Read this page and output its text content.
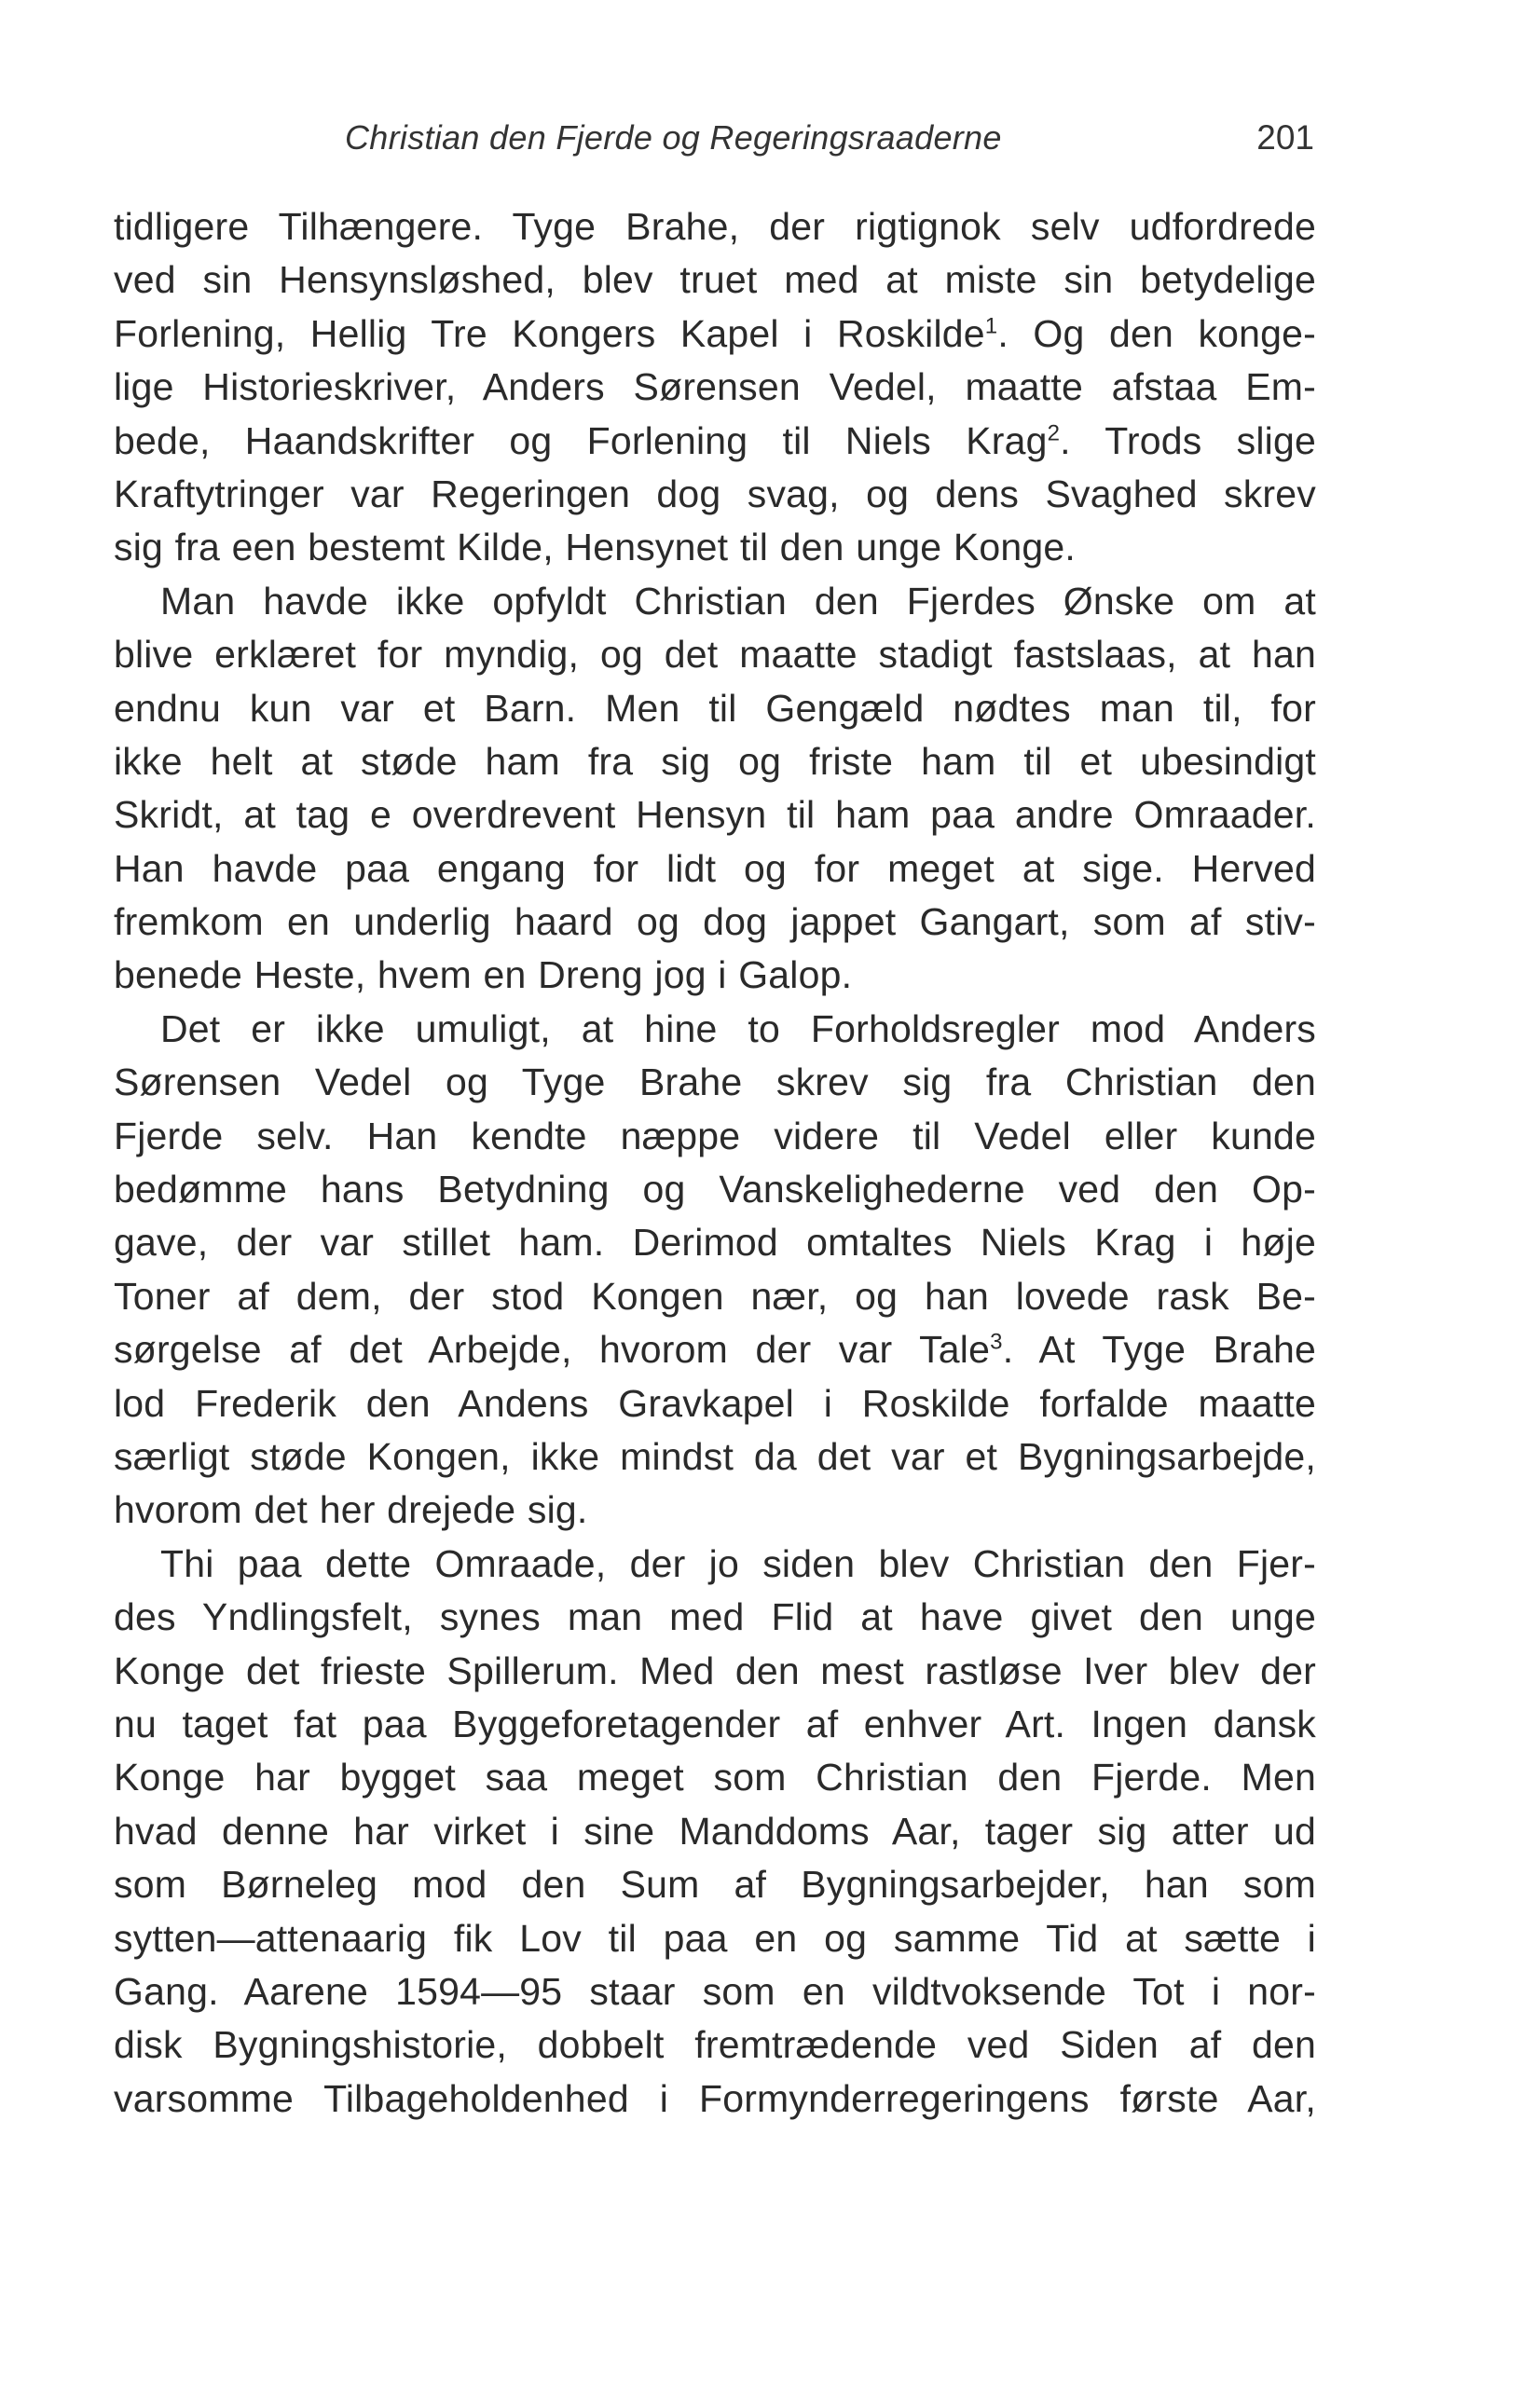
Christian den Fjerde og Regeringsraaderne	201
tidligere Tilhængere. Tyge Brahe, der rigtignok selv udfordrede
ved sin Hensynsløshed, blev truet med at miste sin betydelige
Forlening, Hellig Tre Kongers Kapel i Roskilde$^1$. Og den konge-
lige Historieskriver, Anders Sørensen Vedel, maatte afstaa Em-
bede, Haandskrifter og Forlening til Niels Krag$^2$. Trods slige
Kraftytringer var Regeringen dog svag, og dens Svaghed skrev
sig fra een bestemt Kilde, Hensynet til den unge Konge.
Man havde ikke opfyldt Christian den Fjerdes Ønske om at
blive erklæret for myndig, og det maatte stadigt fastslaas, at han
endnu kun var et Barn. Men til Gengæld nødtes man til, for
ikke helt at støde ham fra sig og friste ham til et ubesindigt
Skridt, at tag e overdrevent Hensyn til ham paa andre Omraader.
Han havde paa engang for lidt og for meget at sige. Herved
fremkom en underlig haard og dog jappet Gangart, som af stiv-
benede Heste, hvem en Dreng jog i Galop.
Det er ikke umuligt, at hine to Forholdsregler mod Anders
Sørensen Vedel og Tyge Brahe skrev sig fra Christian den
Fjerde selv. Han kendte næppe videre til Vedel eller kunde
bedømme hans Betydning og Vanskelighederne ved den Op-
gave, der var stillet ham. Derimod omtaltes Niels Krag i høje
Toner af dem, der stod Kongen nær, og han lovede rask Be-
sørgelse af det Arbejde, hvorom der var Tale$^3$. At Tyge Brahe
lod Frederik den Andens Gravkapel i Roskilde forfalde maatte
særligt støde Kongen, ikke mindst da det var et Bygningsarbejde,
hvorom det her drejede sig.
Thi paa dette Omraade, der jo siden blev Christian den Fjer-
des Yndlingsfelt, synes man med Flid at have givet den unge
Konge det frieste Spillerum. Med den mest rastløse Iver blev der
nu taget fat paa Byggeforetagender af enhver Art. Ingen dansk
Konge har bygget saa meget som Christian den Fjerde. Men
hvad denne har virket i sine Manddoms Aar, tager sig atter ud
som Børneleg mod den Sum af Bygningsarbejder, han som
sytten—attenaarig fik Lov til paa en og samme Tid at sætte i
Gang. Aarene 1594—95 staar som en vildtvoksende Tot i nor-
disk Bygningshistorie, dobbelt fremtrædende ved Siden af den
varsomme Tilbageholdenhed i Formynderregeringens første Aar,
